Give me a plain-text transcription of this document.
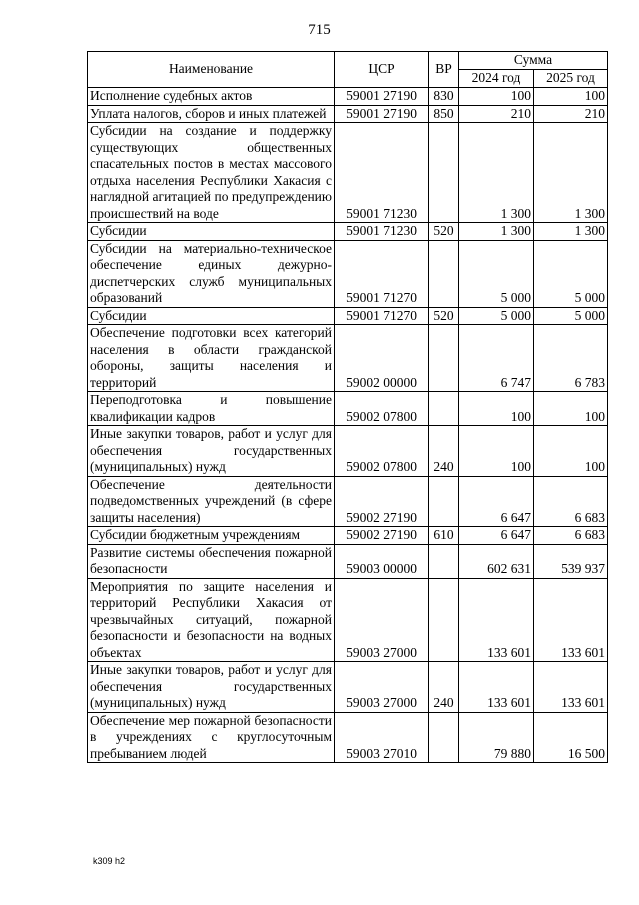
715
Наименование	ЦСР	ВР	Сумма	
			2024 год	2025 год
Исполнение судебных актов	59001 27190	830	100	100
Уплата налогов, сборов и иных платежей	59001 27190	850	210	210
Субсидии на создание и поддержку существующих общественных спасательных постов в местах массового отдыха населения Республики Хакасия с наглядной агитацией по предупреждению происшествий на воде	59001 71230		1 300	1 300
Субсидии	59001 71230	520	1 300	1 300
Субсидии на материально-техническое обеспечение единых дежурно-диспетчерских служб муниципальных образований	59001 71270		5 000	5 000
Субсидии	59001 71270	520	5 000	5 000
Обеспечение подготовки всех категорий населения в области гражданской обороны, защиты населения и территорий	59002 00000		6 747	6 783
Переподготовка и повышение квалификации кадров	59002 07800		100	100
Иные закупки товаров, работ и услуг для обеспечения государственных (муниципальных) нужд	59002 07800	240	100	100
Обеспечение деятельности подведомственных учреждений (в сфере защиты населения)	59002 27190		6 647	6 683
Субсидии бюджетным учреждениям	59002 27190	610	6 647	6 683
Развитие системы обеспечения пожарной безопасности	59003 00000		602 631	539 937
Мероприятия по защите населения и территорий Республики Хакасия от чрезвычайных ситуаций, пожарной безопасности и безопасности на водных объектах	59003 27000		133 601	133 601
Иные закупки товаров, работ и услуг для обеспечения государственных (муниципальных) нужд	59003 27000	240	133 601	133 601
Обеспечение мер пожарной безопасности в учреждениях с круглосуточным пребыванием людей	59003 27010		79 880	16 500
k309 h2
